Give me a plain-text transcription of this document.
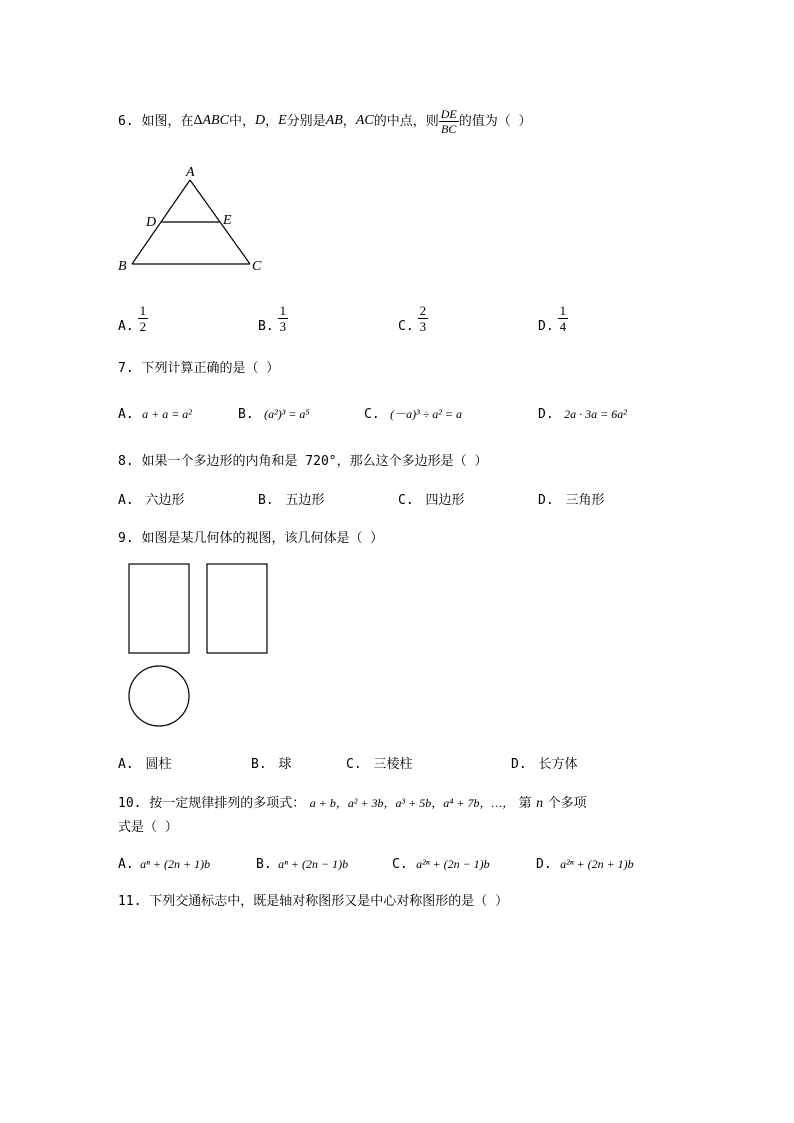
6. 如图，在 Δ ABC 中， D ， E 分别是 AB ， AC 的中点，则 $\frac{DE}{BC}$ 的值为（ ）
A
B	C
D	E
A. $\frac{1}{2}$	B. $\frac{1}{3}$	C. $\frac{2}{3}$	D. $\frac{1}{4}$
7. 下列计算正确的是（ ）
A. a + a = a²	B. (a²)³ = a⁵	C. (－a)³ ÷ a² = a	D. 2a · 3a = 6a²
8. 如果一个多边形的内角和是 720°，那么这个多边形是（ ）
A. 六边形	B. 五边形	C. 四边形	D. 三角形
9. 如图是某几何体的视图，该几何体是（ ）
A. 圆柱	B. 球	C. 三棱柱	D. 长方体
10. 按一定规律排列的多项式： a + b，a² + 3b，a³ + 5b，a⁴ + 7b，…， 第 n 个多项
式是（ ）
A. aⁿ + (2n + 1)b	B. aⁿ + (2n − 1)b	C. a²ⁿ + (2n − 1)b	D. a²ⁿ + (2n + 1)b
11. 下列交通标志中，既是轴对称图形又是中心对称图形的是（ ）
